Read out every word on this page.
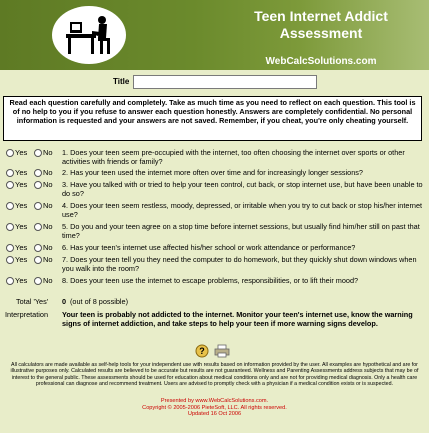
Teen Internet Addict
Assessment
WebCalcSolutions.com
Title
Read each question carefully and completely. Take as much time as you need to reflect on each question. This tool is of no help to you if you refuse to answer each question honestly. Answers are completely confidential. No personal information is requested and your answers are not saved. Remember, if you cheat, you're only cheating yourself.
Yes	No 1. Does your teen seem pre-occupied with the internet, too often choosing the internet over sports or other activities with friends or family?
Yes	No 2. Has your teen used the internet more often over time and for increasingly longer sessions?
Yes	No 3. Have you talked with or tried to help your teen control, cut back, or stop internet use, but have been unable to do so?
Yes	No 4. Does your teen seem restless, moody, depressed, or irritable when you try to cut back or stop his/her internet use?
Yes	No 5. Do you and your teen agree on a stop time before internet sessions, but usually find him/her still on past that time?
Yes	No 6. Has your teen's internet use affected his/her school or work attendance or performance?
Yes	No 7. Does your teen tell you they need the computer to do homework, but they quickly shut down windows when you walk into the room?
Yes	No 8. Does your teen use the internet to escape problems, responsibilities, or to lift their mood?
Total 'Yes' 0 (out of 8 possible)
Interpretation Your teen is probably not addicted to the internet. Monitor your teen's internet use, know the warning signs of internet addiction, and take steps to help your teen if more warning signs develop.
?
All calculators are made available as self-help tools for your independent use with results based on information provided by the user. All examples are hypothetical and are for illustrative purposes only. Calculated results are believed to be accurate but results are not guaranteed. Wellness and Parenting Assessments address subjects that may be of interest to the general public. These assessments should be used for education about medical conditions only and are not for providing medical diagnosis. Only a health care professional can diagnose and recommend treatment. Users are advised to promptly check with a physician if a medical condition exists or is suspected.
Presented by www.WebCalcSolutions.com.
Copyright © 2005-2006 PieteSoft, LLC. All rights reserved.
Updated 16 Oct 2006
